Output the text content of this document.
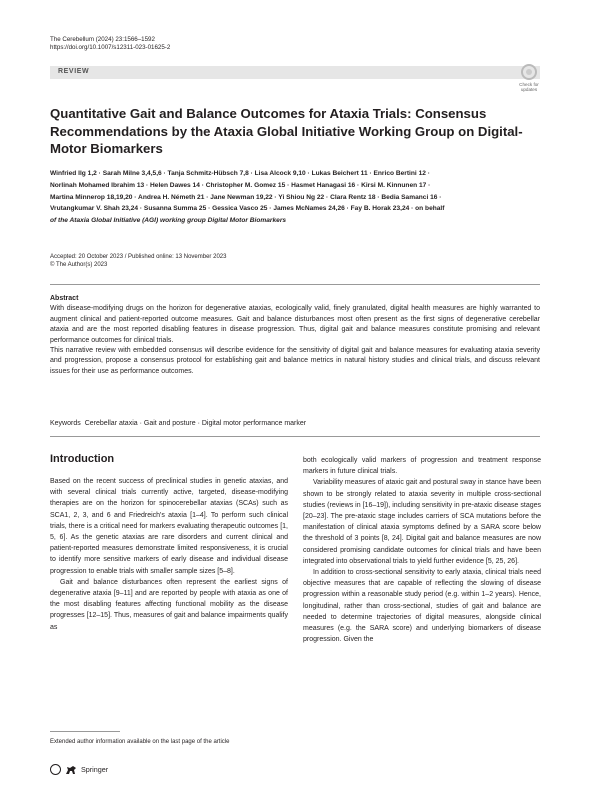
The Cerebellum (2024) 23:1566–1592
https://doi.org/10.1007/s12311-023-01625-2
REVIEW
Check for
updates
Quantitative Gait and Balance Outcomes for Ataxia Trials: Consensus Recommendations by the Ataxia Global Initiative Working Group on Digital-Motor Biomarkers
Winfried Ilg 1,2 · Sarah Milne 3,4,5,6 · Tanja Schmitz-Hübsch 7,8 · Lisa Alcock 9,10 · Lukas Beichert 11 · Enrico Bertini 12 ·
Norlinah Mohamed Ibrahim 13 · Helen Dawes 14 · Christopher M. Gomez 15 · Hasmet Hanagasi 16 · Kirsi M. Kinnunen 17 ·
Martina Minnerop 18,19,20 · Andrea H. Németh 21 · Jane Newman 19,22 · Yi Shiou Ng 22 · Clara Rentz 18 · Bedia Samanci 16 ·
Vrutangkumar V. Shah 23,24 · Susanna Summa 25 · Gessica Vasco 25 · James McNames 24,26 · Fay B. Horak 23,24 · on behalf
of the Ataxia Global Initiative (AGI) working group Digital Motor Biomarkers
Accepted: 20 October 2023 / Published online: 13 November 2023
© The Author(s) 2023
Abstract

With disease-modifying drugs on the horizon for degenerative ataxias, ecologically valid, finely granulated, digital health measures are highly warranted to augment clinical and patient-reported outcome measures. Gait and balance disturbances most often present as the first signs of degenerative cerebellar ataxia and are the most reported disabling features in disease progression. Thus, digital gait and balance measures constitute promising and relevant performance outcomes for clinical trials.

This narrative review with embedded consensus will describe evidence for the sensitivity of digital gait and balance measures for evaluating ataxia severity and progression, propose a consensus protocol for establishing gait and balance metrics in natural history studies and clinical trials, and discuss relevant issues for their use as performance outcomes.

Keywords Cerebellar ataxia · Gait and posture · Digital motor performance marker
Introduction

Based on the recent success of preclinical studies in genetic ataxias, and with several clinical trials currently active, targeted, disease-modifying therapies are on the horizon for spinocerebellar ataxias (SCAs) such as SCA1, 2, 3, and 6 and Friedreich's ataxia [1–4]. To perform such clinical trials, there is a critical need for markers evaluating therapeutic outcomes [1, 5, 6]. As the genetic ataxias are rare disorders and current clinical and patient-reported measures demonstrate limited responsiveness, it is crucial to identify more sensitive markers of early disease and individual disease progression to enable trials with smaller sample sizes [5–8].

Gait and balance disturbances often represent the earliest signs of degenerative ataxia [9–11] and are reported by people with ataxia as one of the most disabling features affecting functional mobility as the disease progresses [12–15]. Thus, measures of gait and balance impairments qualify as

both ecologically valid markers of progression and treatment response markers in future clinical trials.

Variability measures of ataxic gait and postural sway in stance have been shown to be strongly related to ataxia severity in multiple cross-sectional studies (reviews in [16–19]), including sensitivity in pre-ataxic disease stages [20–23]. The pre-ataxic stage includes carriers of SCA mutations before the manifestation of clinical ataxia symptoms defined by a SARA score below the threshold of 3 points [8, 24]. Digital gait and balance measures are now considered promising candidate outcomes for clinical trials and have been integrated into observational trials to yield further evidence [5, 25, 26].

In addition to cross-sectional sensitivity to early ataxia, clinical trials need objective measures that are capable of reflecting the slowing of disease progression within a reasonable study period (e.g. within 1–2 years). Hence, longitudinal, rather than cross-sectional, studies of gait and balance are needed to determine trajectories of digital measures, alongside clinical measures (e.g. the SARA score) and underlying biomarkers of disease progression. Given the

Extended author information available on the last page of the article
Springer
